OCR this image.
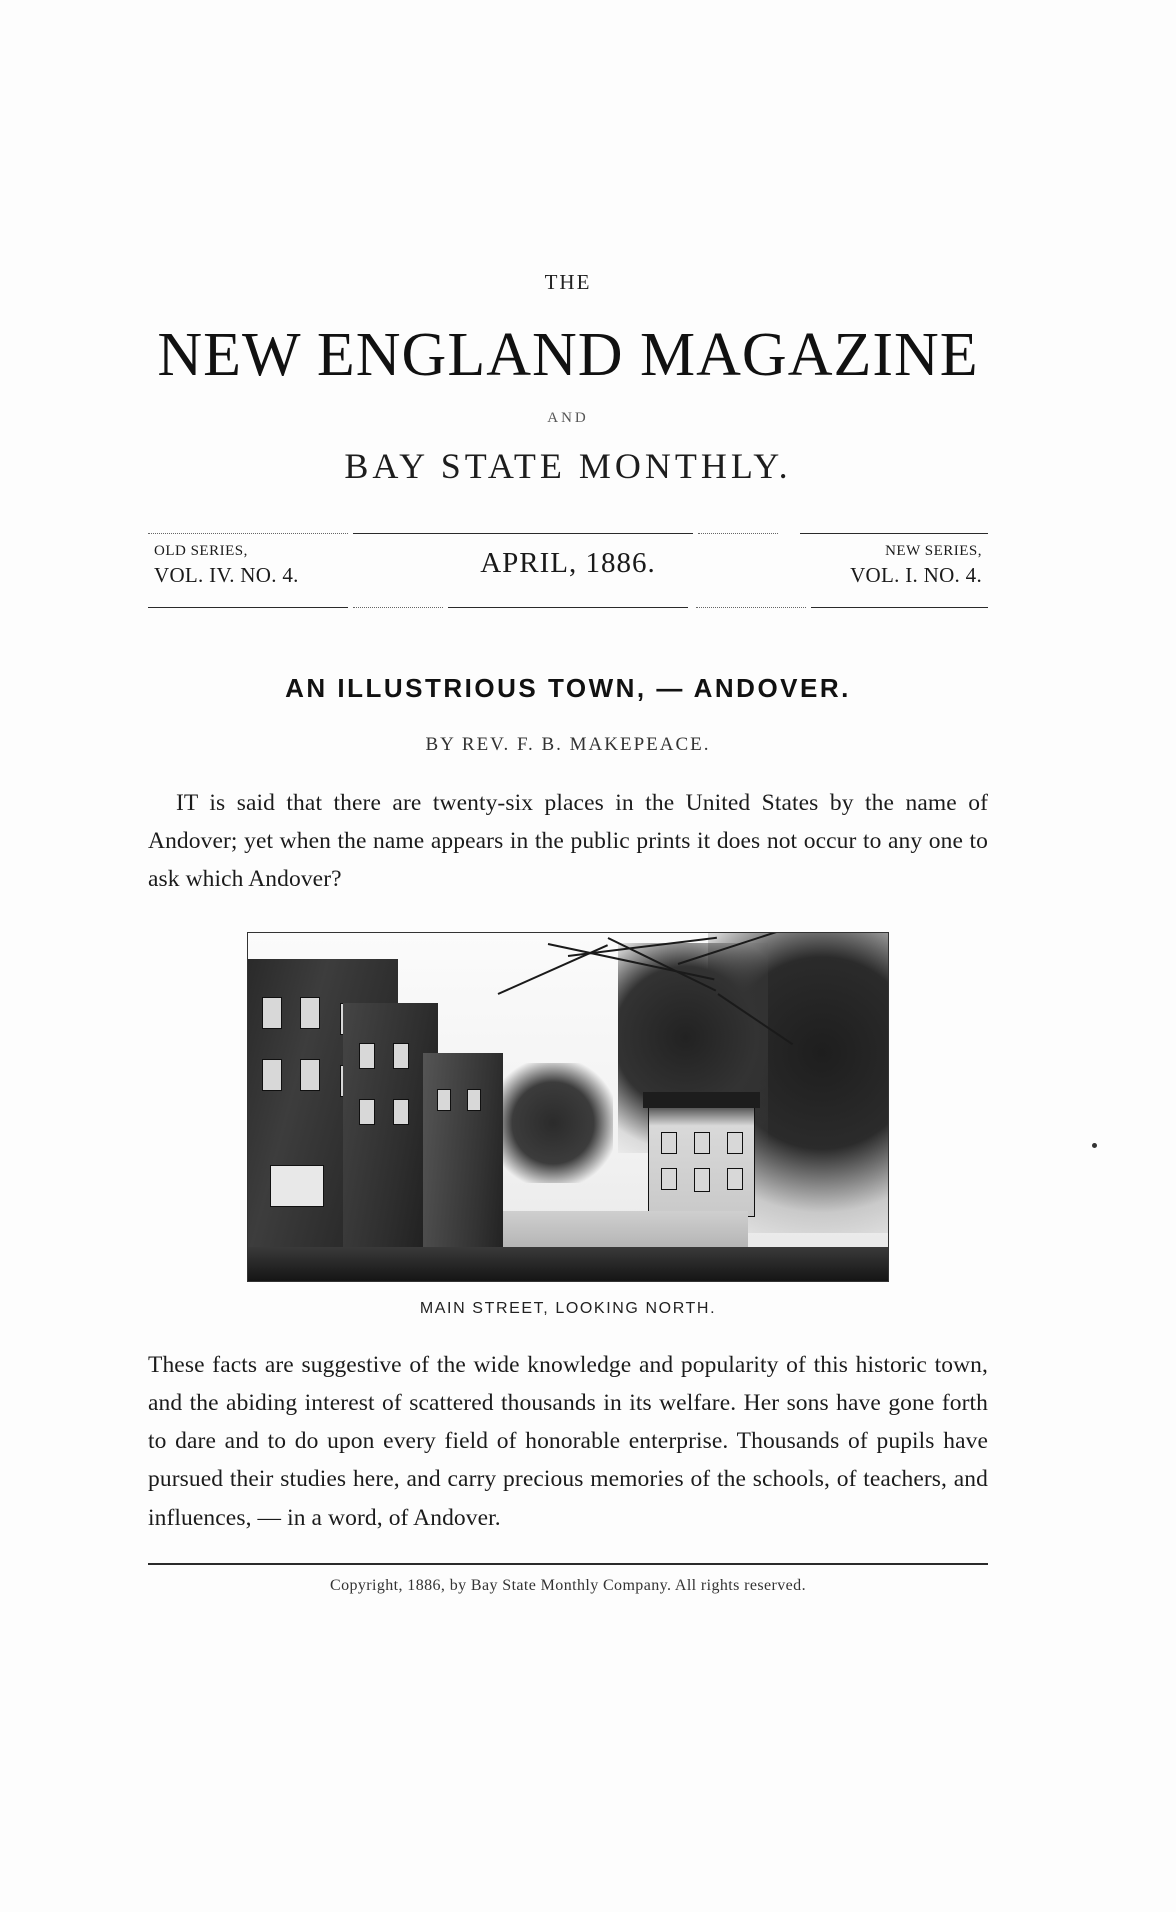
THE
NEW ENGLAND MAGAZINE
AND
BAY STATE MONTHLY.
OLD SERIES,
VOL. IV. NO. 4.	APRIL, 1886.	NEW SERIES,
VOL. I. NO. 4.
AN ILLUSTRIOUS TOWN, — ANDOVER.
BY REV. F. B. MAKEPEACE.

IT is said that there are twenty-six places in the United States by the name of Andover; yet when the name appears in the public prints it does not occur to any one to ask which Andover?

MAIN STREET, LOOKING NORTH.

These facts are suggestive of the wide knowledge and popularity of this historic town, and the abiding interest of scattered thousands in its welfare. Her sons have gone forth to dare and to do upon every field of honorable enterprise. Thousands of pupils have pursued their studies here, and carry precious memories of the schools, of teachers, and influences, — in a word, of Andover.

Copyright, 1886, by Bay State Monthly Company. All rights reserved.
